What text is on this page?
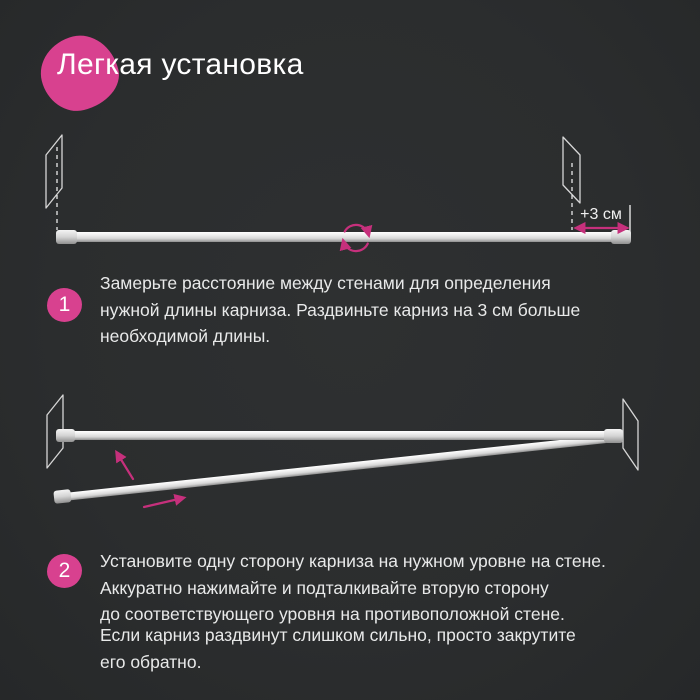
Легкая установка
+3 см
1
Замерьте расстояние между стенами для определения
нужной длины карниза. Раздвиньте карниз на 3 см больше
необходимой длины.
2 Установите одну сторону карниза на нужном уровне на стене.
Аккуратно нажимайте и подталкивайте вторую сторону
до соответствующего уровня на противоположной стене.
Если карниз раздвинут слишком сильно, просто закрутите
его обратно.
